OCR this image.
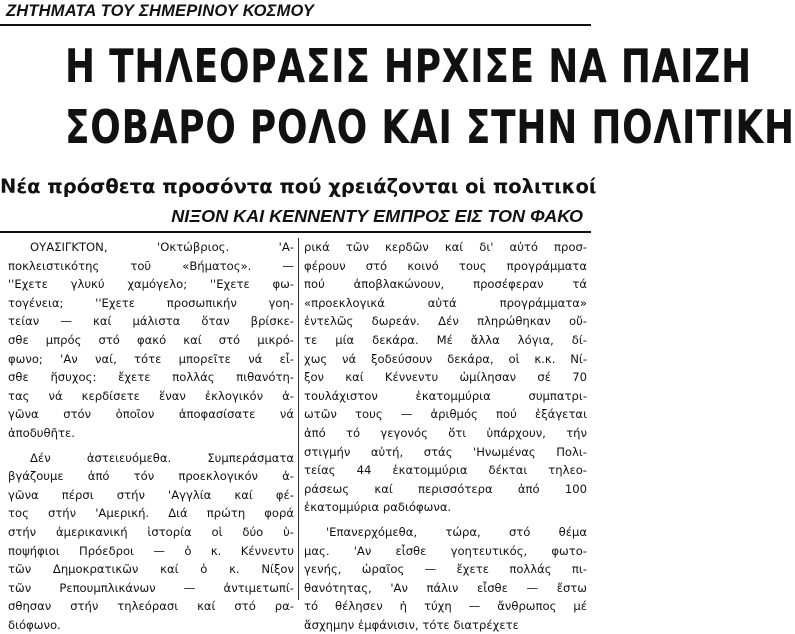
ΖΗΤΗΜΑΤΑ ΤΟΥ ΣΗΜΕΡΙΝΟΥ ΚΟΣΜΟΥ
Η ΤΗΛΕΟΡΑΣΙΣ ΗΡΧΙΣΕ ΝΑ ΠΑΙΖΗ
ΣΟΒΑΡΟ ΡΟΛΟ ΚΑΙ ΣΤΗΝ ΠΟΛΙΤΙΚΗ
Νέα πρόσθετα προσόντα πού χρειάζονται οἱ πολιτικοί
ΝΙΞΟΝ ΚΑΙ ΚΕΝΝΕΝΤΥ ΕΜΠΡΟΣ ΕΙΣ ΤΟΝ ΦΑΚΟ
ΟΥΑΣΙΓΚΤΟΝ, 'Οκτώβριος. 'Α-
ποκλειστικότης τοῦ «Βήματος». —
''Εχετε γλυκύ χαμόγελο; ''Εχετε φω-
τογένεια; ''Εχετε προσωπικήν γοη-
τείαν — καί μάλιστα ὅταν βρίσκε-
σθε μπρός στό φακό καί στό μικρό-
φωνο; 'Αν ναί, τότε μπορεῖτε νά εἶ-
σθε ἥσυχος: ἔχετε πολλάς πιθανότη-
τας νά κερδίσετε ἕναν ἐκλογικόν ἀ-
γῶνα στόν ὁποῖον ἀποφασίσατε νά
ἀποδυθῆτε.
Δέν ἀστειευόμεθα. Συμπεράσματα
βγάζουμε ἀπό τόν προεκλογικόν ἀ-
γῶνα πέρσι στήν 'Αγγλία καί φέ-
τος στήν 'Αμερική. Διά πρώτη φορά
στήν ἀμερικανική ἱστορία οἱ δύο ὑ-
ποψήφιοι Πρόεδροι — ὁ κ. Κέννεντυ
τῶν Δημοκρατικῶν καί ὁ κ. Νίξον
τῶν Ρεπουμπλικάνων — ἀντιμετωπί-
σθησαν στήν τηλεόρασι καί στό ρα-
διόφωνο.
ρικά τῶν κερδῶν καί δι' αὐτό προσ-
φέρουν στό κοινό τους προγράμματα
πού ἀποβλακώνουν, προσέφεραν τά
«προεκλογικά αὐτά προγράμματα»
ἐντελῶς δωρεάν. Δέν πληρώθηκαν οὔ-
τε μία δεκάρα. Μέ ἄλλα λόγια, δί-
χως νά ξοδεύσουν δεκάρα, οἱ κ.κ. Νί-
ξον καί Κέννεντυ ὡμίλησαν σέ 70
τουλάχιστον ἑκατομμύρια συμπατρι-
ωτῶν τους — ἀριθμός πού ἐξάγεται
ἀπό τό γεγονός ὅτι ὑπάρχουν, τήν
στιγμήν αὐτή, στάς 'Ηνωμένας Πολι-
τείας 44 ἑκατομμύρια δέκται τηλεο-
ράσεως καί περισσότερα ἀπό 100
ἑκατομμύρια ραδιόφωνα.
'Επανερχόμεθα, τώρα, στό θέμα
μας. 'Αν εἶσθε γοητευτικός, φωτο-
γενής, ὡραῖος — ἔχετε πολλάς πι-
θανότητας, 'Αν πάλιν εἶσθε — ἔστω
τό θέλησεν ἡ τύχη — ἄνθρωπος μέ
ἄσχημην ἐμφάνισιν, τότε διατρέχετε
